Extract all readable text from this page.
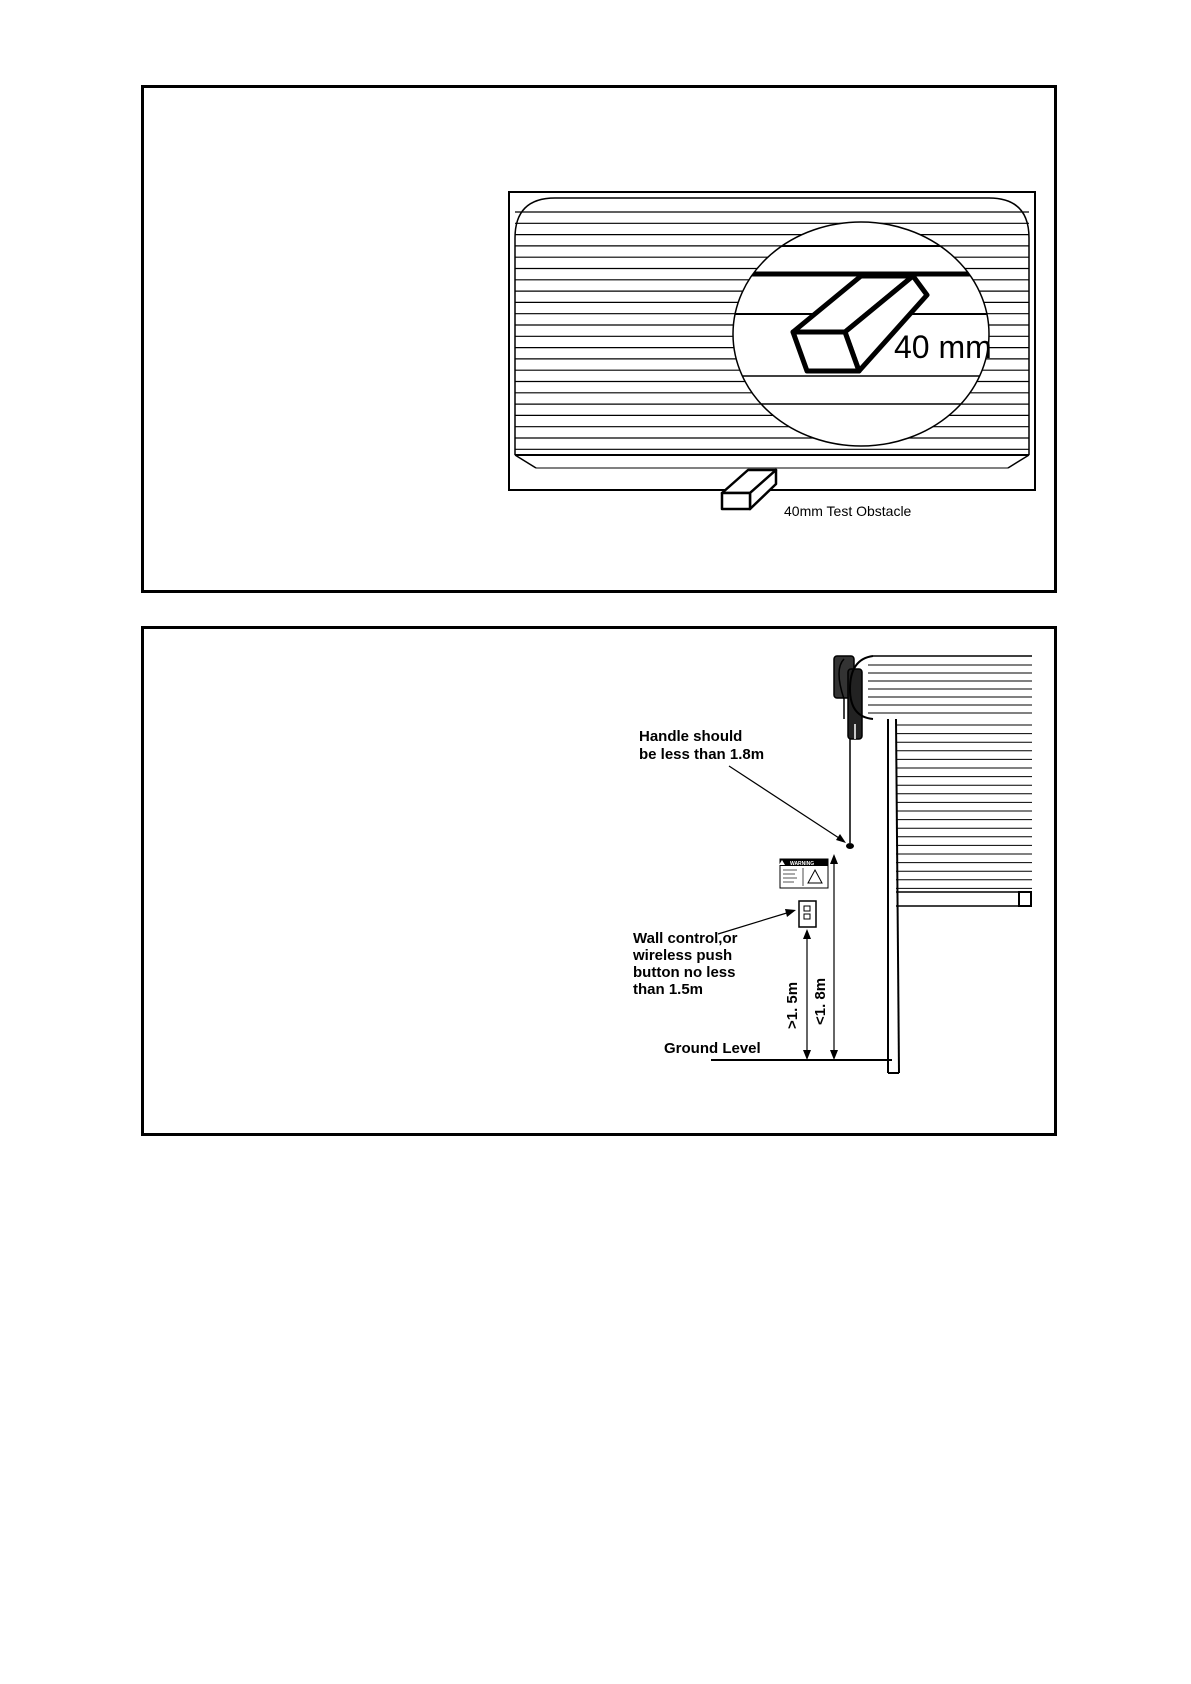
40 mm
40mm Test Obstacle
Handle should
be less than 1.8m
WARNING
Wall control,or
wireless push
button no less
than 1.5m	>1. 5m <1. 8m
Ground Level
